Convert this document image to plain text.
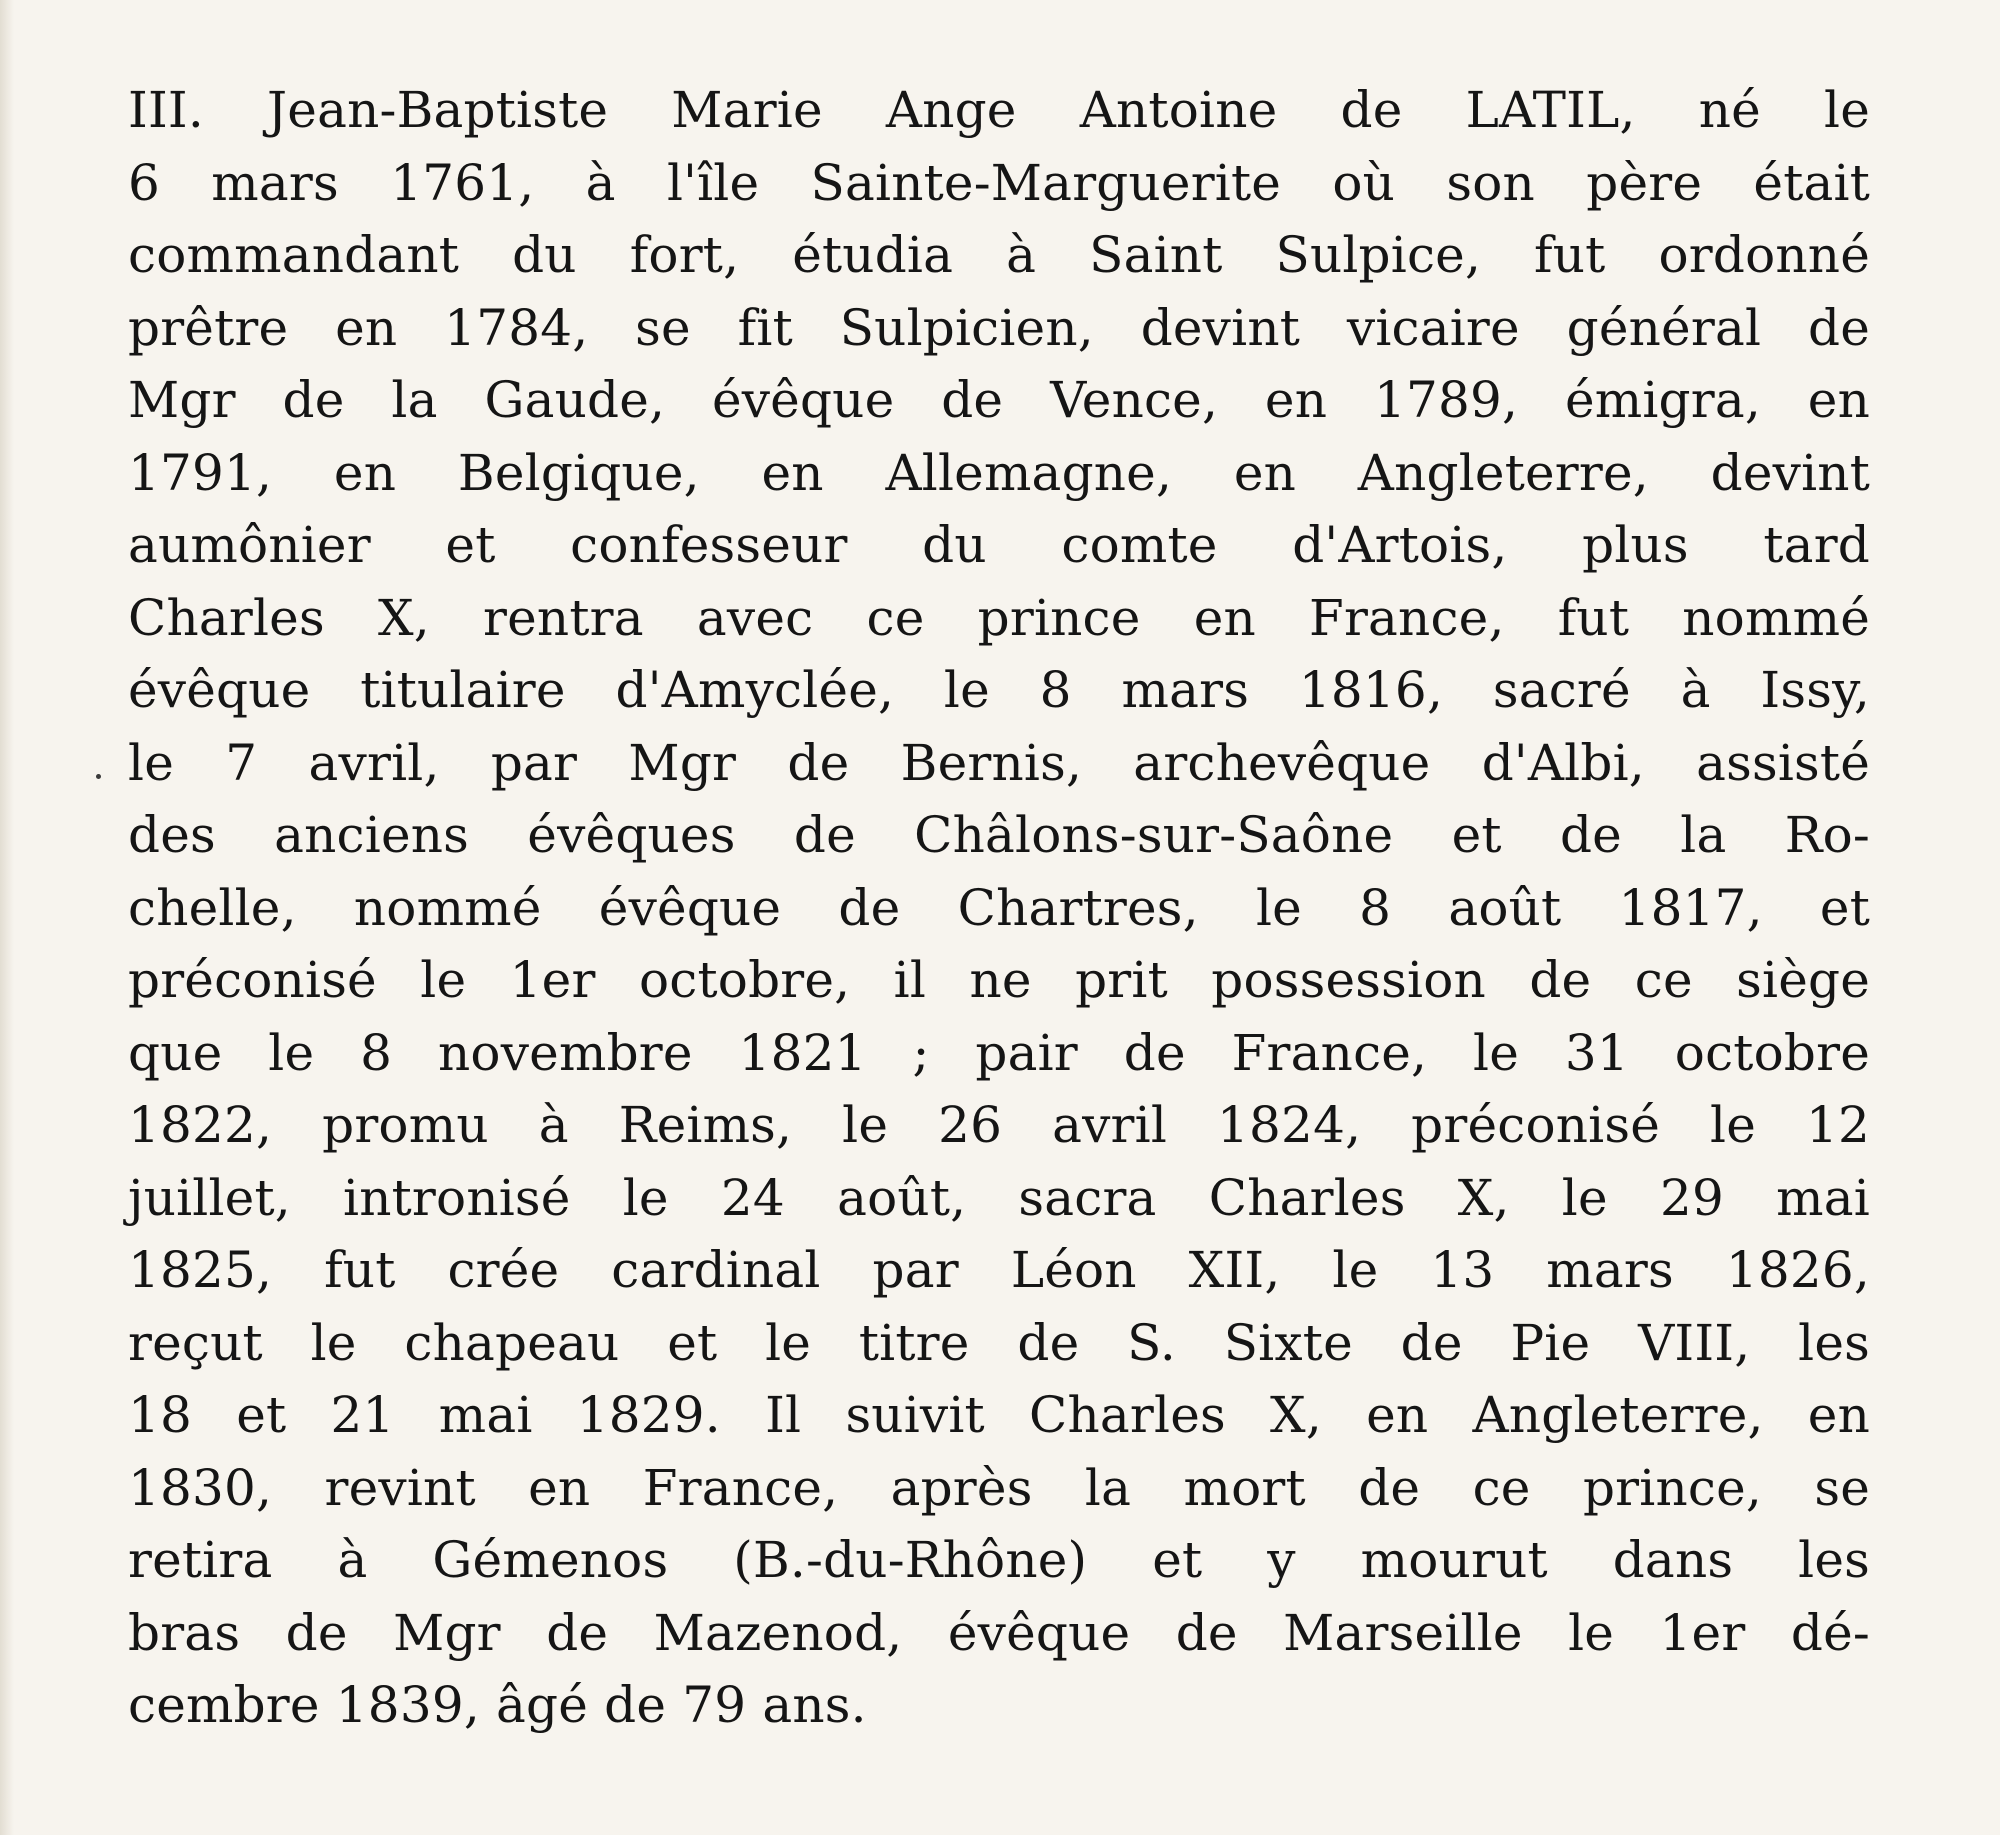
III. Jean-Baptiste Marie Ange Antoine de LATIL, né le
6 mars 1761, à l'île Sainte-Marguerite où son père était
commandant du fort, étudia à Saint Sulpice, fut ordonné
prêtre en 1784, se fit Sulpicien, devint vicaire général de
Mgr de la Gaude, évêque de Vence, en 1789, émigra, en
1791, en Belgique, en Allemagne, en Angleterre, devint
aumônier et confesseur du comte d'Artois, plus tard
Charles X, rentra avec ce prince en France, fut nommé
évêque titulaire d'Amyclée, le 8 mars 1816, sacré à Issy,
le 7 avril, par Mgr de Bernis, archevêque d'Albi, assisté
des anciens évêques de Châlons-sur-Saône et de la Ro-
chelle, nommé évêque de Chartres, le 8 août 1817, et
préconisé le 1er octobre, il ne prit possession de ce siège
que le 8 novembre 1821 ; pair de France, le 31 octobre
1822, promu à Reims, le 26 avril 1824, préconisé le 12
juillet, intronisé le 24 août, sacra Charles X, le 29 mai
1825, fut crée cardinal par Léon XII, le 13 mars 1826,
reçut le chapeau et le titre de S. Sixte de Pie VIII, les
18 et 21 mai 1829. Il suivit Charles X, en Angleterre, en
1830, revint en France, après la mort de ce prince, se
retira à Gémenos (B.-du-Rhône) et y mourut dans les
bras de Mgr de Mazenod, évêque de Marseille le 1er dé-
cembre 1839, âgé de 79 ans.
